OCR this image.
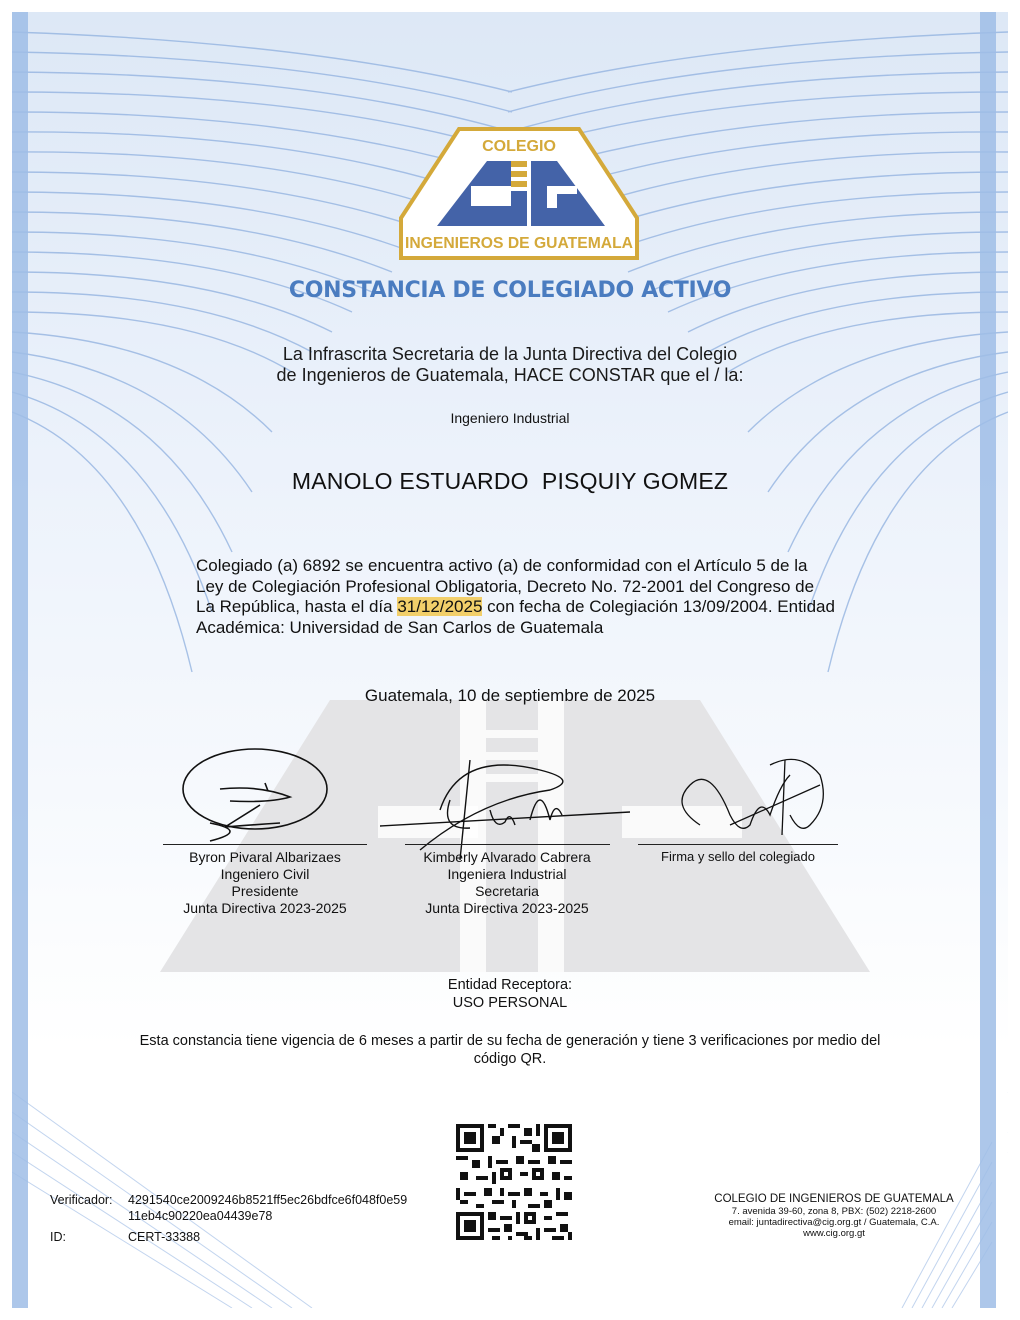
COLEGIO
INGENIEROS DE GUATEMALA
CONSTANCIA DE COLEGIADO ACTIVO
La Infrascrita Secretaria de la Junta Directiva del Colegio
de Ingenieros de Guatemala, HACE CONSTAR que el / la:
Ingeniero Industrial
MANOLO ESTUARDO  PISQUIY GOMEZ
Colegiado (a) 6892 se encuentra activo (a) de conformidad con el Artículo 5 de la Ley de Colegiación Profesional Obligatoria, Decreto No. 72-2001 del Congreso de La República, hasta el día 31/12/2025 con fecha de Colegiación 13/09/2004. Entidad Académica: Universidad de San Carlos de Guatemala
Guatemala, 10 de septiembre de 2025
Byron Pivaral Albarizaes
Ingeniero Civil
Presidente
Junta Directiva 2023-2025
Kimberly Alvarado Cabrera
Ingeniera Industrial
Secretaria
Junta Directiva 2023-2025
Firma y sello del colegiado
Entidad Receptora:
USO PERSONAL
Esta constancia tiene vigencia de 6 meses a partir de su fecha de generación y tiene 3 verificaciones por medio del código QR.
Verificador: 4291540ce2009246b8521ff5ec26bdfce6f048f0e59
11eb4c90220ea04439e78
ID:	CERT-33388
COLEGIO DE INGENIEROS DE GUATEMALA
7. avenida 39-60, zona 8, PBX: (502) 2218-2600
email: juntadirectiva@cig.org.gt / Guatemala, C.A.
www.cig.org.gt
